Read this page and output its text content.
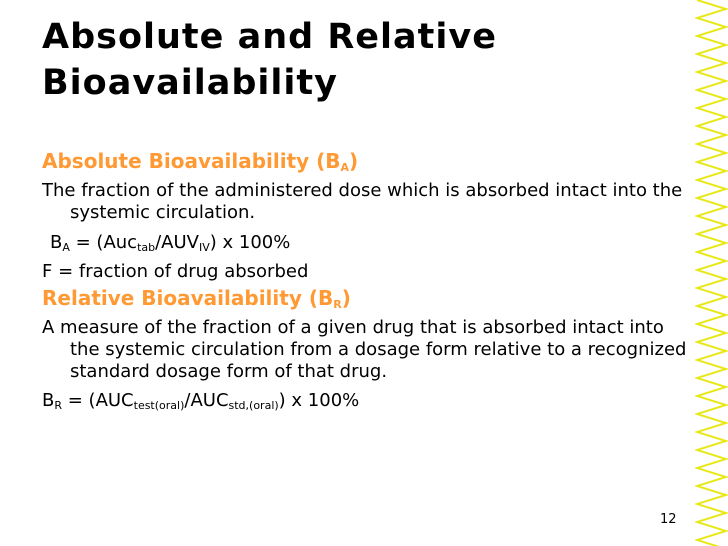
Absolute and Relative
Bioavailability
Absolute Bioavailability $(B_A)$

The fraction of the administered dose which is absorbed intact into the systemic circulation.

$B_A = (Auc_{tab}/AUV_{IV})$ x 100%

F = fraction of drug absorbed

Relative Bioavailability $(B_R)$

A measure of the fraction of a given drug that is absorbed intact into the systemic circulation from a dosage form relative to a recognized standard dosage form of that drug.

$B_R = (AUC_{test(oral)}/AUC_{std,(oral)})$ x 100%

12
